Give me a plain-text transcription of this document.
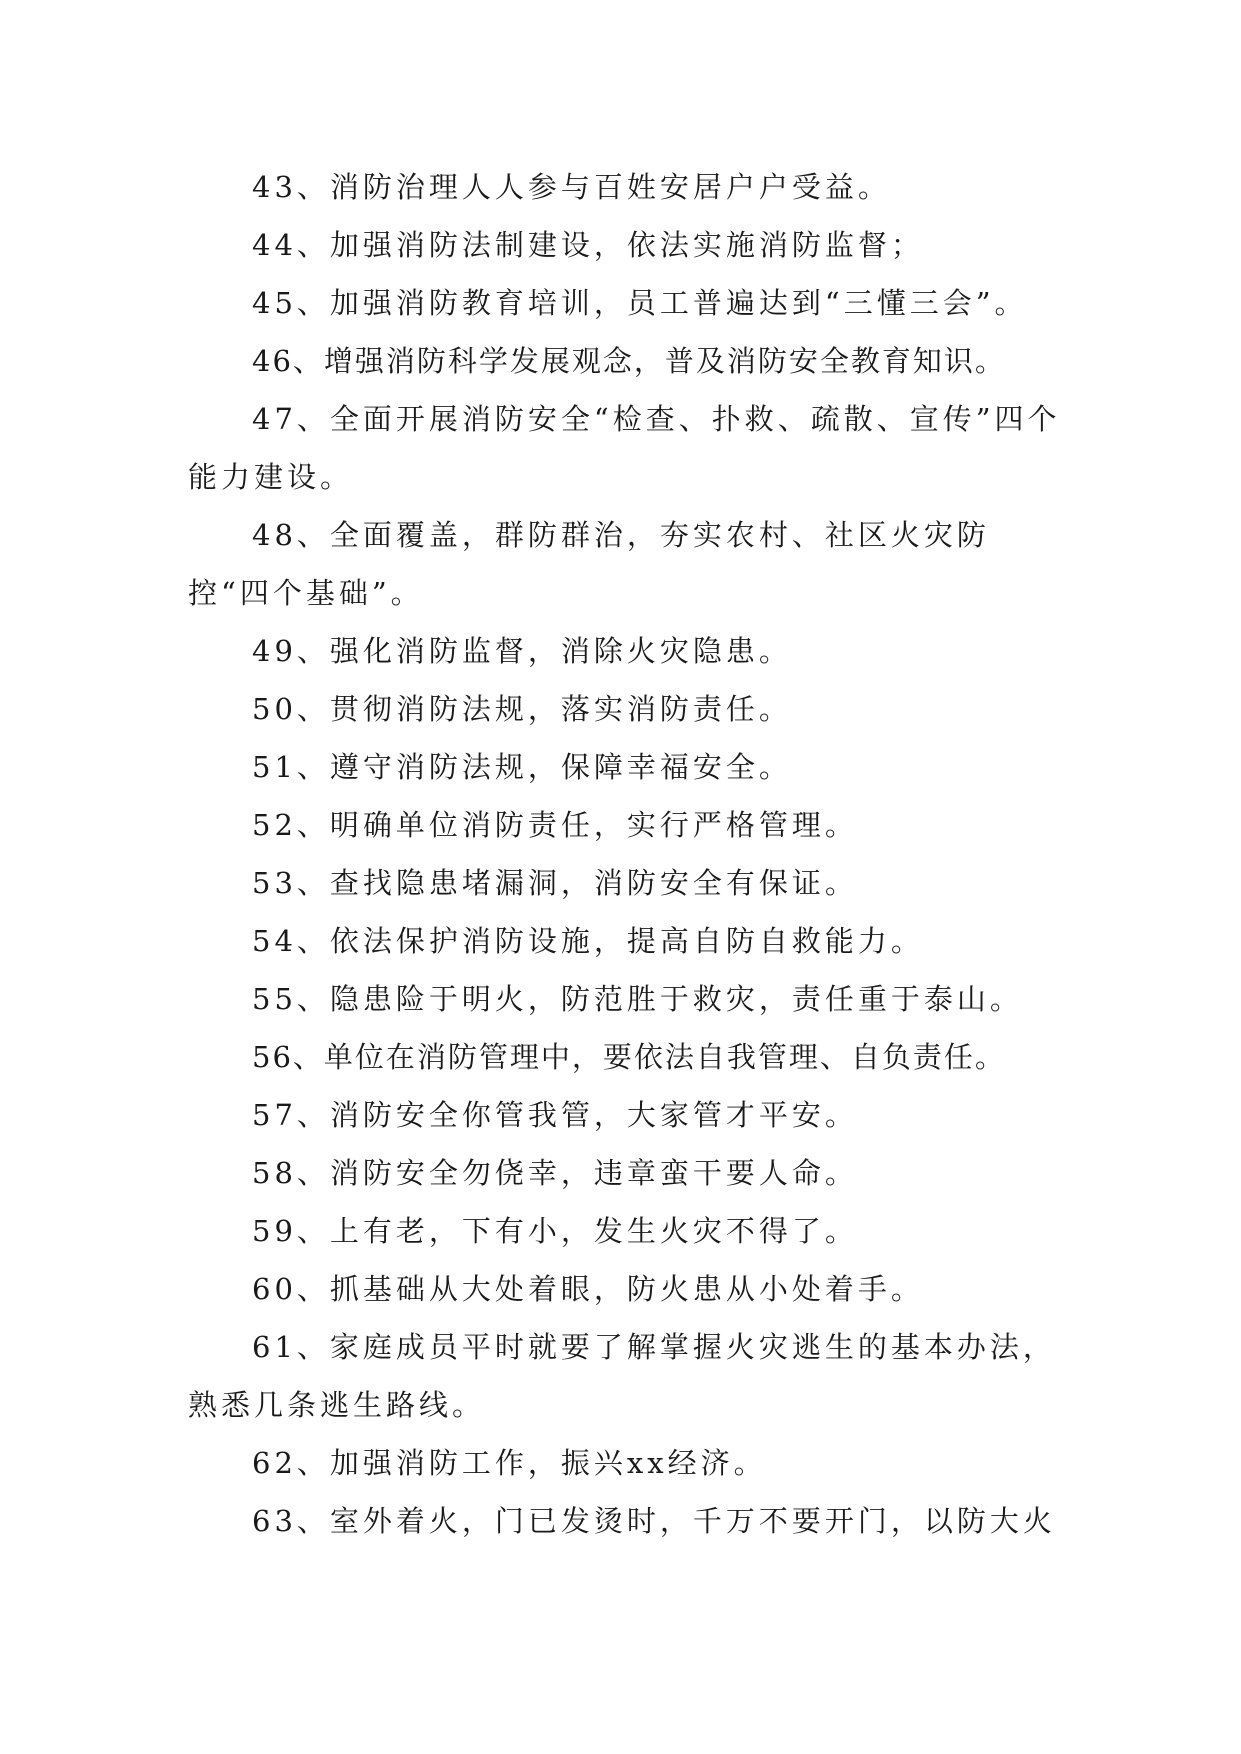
43、消防治理人人参与百姓安居户户受益。

44、加强消防法制建设，依法实施消防监督；

45、加强消防教育培训，员工普遍达到“三懂三会”。

46、增强消防科学发展观念，普及消防安全教育知识。

47、全面开展消防安全“检查、扑救、疏散、宣传”四个能力建设。

48、全面覆盖，群防群治，夯实农村、社区火灾防控“四个基础”。

49、强化消防监督，消除火灾隐患。

50、贯彻消防法规，落实消防责任。

51、遵守消防法规，保障幸福安全。

52、明确单位消防责任，实行严格管理。

53、查找隐患堵漏洞，消防安全有保证。

54、依法保护消防设施，提高自防自救能力。

55、隐患险于明火，防范胜于救灾，责任重于泰山。

56、单位在消防管理中，要依法自我管理、自负责任。

57、消防安全你管我管，大家管才平安。

58、消防安全勿侥幸，违章蛮干要人命。

59、上有老，下有小，发生火灾不得了。

60、抓基础从大处着眼，防火患从小处着手。

61、家庭成员平时就要了解掌握火灾逃生的基本办法，熟悉几条逃生路线。

62、加强消防工作，振兴xx经济。

63、室外着火，门已发烫时，千万不要开门，以防大火
